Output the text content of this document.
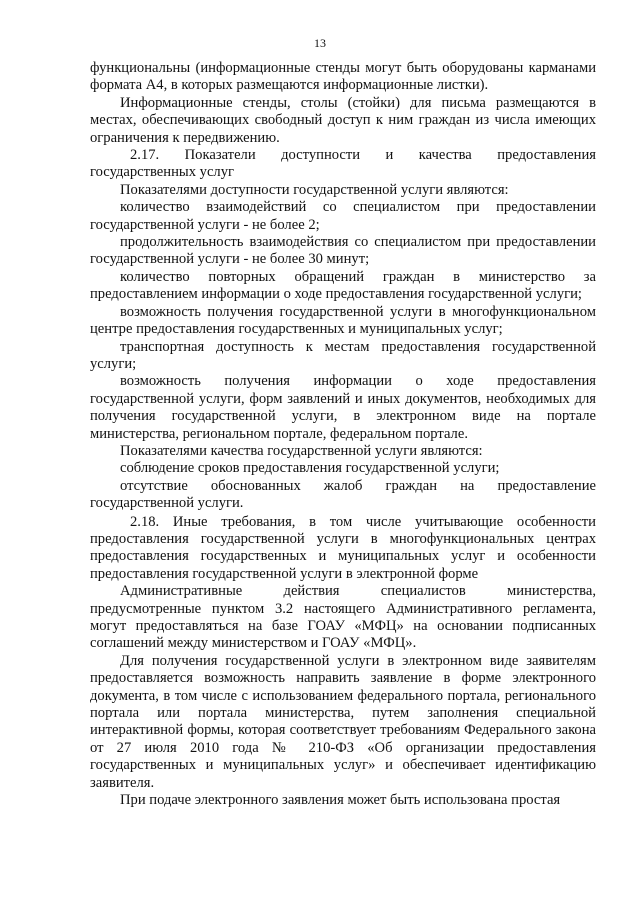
13

функциональны (информационные стенды могут быть оборудованы карманами формата А4, в которых размещаются информационные листки).

Информационные стенды, столы (стойки) для письма размещаются в местах, обеспечивающих свободный доступ к ним граждан из числа имеющих ограничения к передвижению.

2.17. Показатели доступности и качества предоставления государственных услуг

Показателями доступности государственной услуги являются:

количество взаимодействий со специалистом при предоставлении государственной услуги - не более 2;

продолжительность взаимодействия со специалистом при предоставлении государственной услуги - не более 30 минут;

количество повторных обращений граждан в министерство за предоставлением информации о ходе предоставления государственной услуги;

возможность получения государственной услуги в многофункциональном центре предоставления государственных и муниципальных услуг;

транспортная доступность к местам предоставления государственной услуги;

возможность получения информации о ходе предоставления государственной услуги, форм заявлений и иных документов, необходимых для получения государственной услуги, в электронном виде на портале министерства, региональном портале, федеральном портале.

Показателями качества государственной услуги являются:

соблюдение сроков предоставления государственной услуги;

отсутствие обоснованных жалоб граждан на предоставление государственной услуги.

2.18. Иные требования, в том числе учитывающие особенности предоставления государственной услуги в многофункциональных центрах предоставления государственных и муниципальных услуг и особенности предоставления государственной услуги в электронной форме

Административные действия специалистов министерства, предусмотренные пунктом 3.2 настоящего Административного регламента, могут предоставляться на базе ГОАУ «МФЦ» на основании подписанных соглашений между министерством и ГОАУ «МФЦ».

Для получения государственной услуги в электронном виде заявителям предоставляется возможность направить заявление в форме электронного документа, в том числе с использованием федерального портала, регионального портала или портала министерства, путем заполнения специальной интерактивной формы, которая соответствует требованиям Федерального закона от 27 июля 2010 года № 210-ФЗ «Об организации предоставления государственных и муниципальных услуг» и обеспечивает идентификацию заявителя.

При подаче электронного заявления может быть использована простая
